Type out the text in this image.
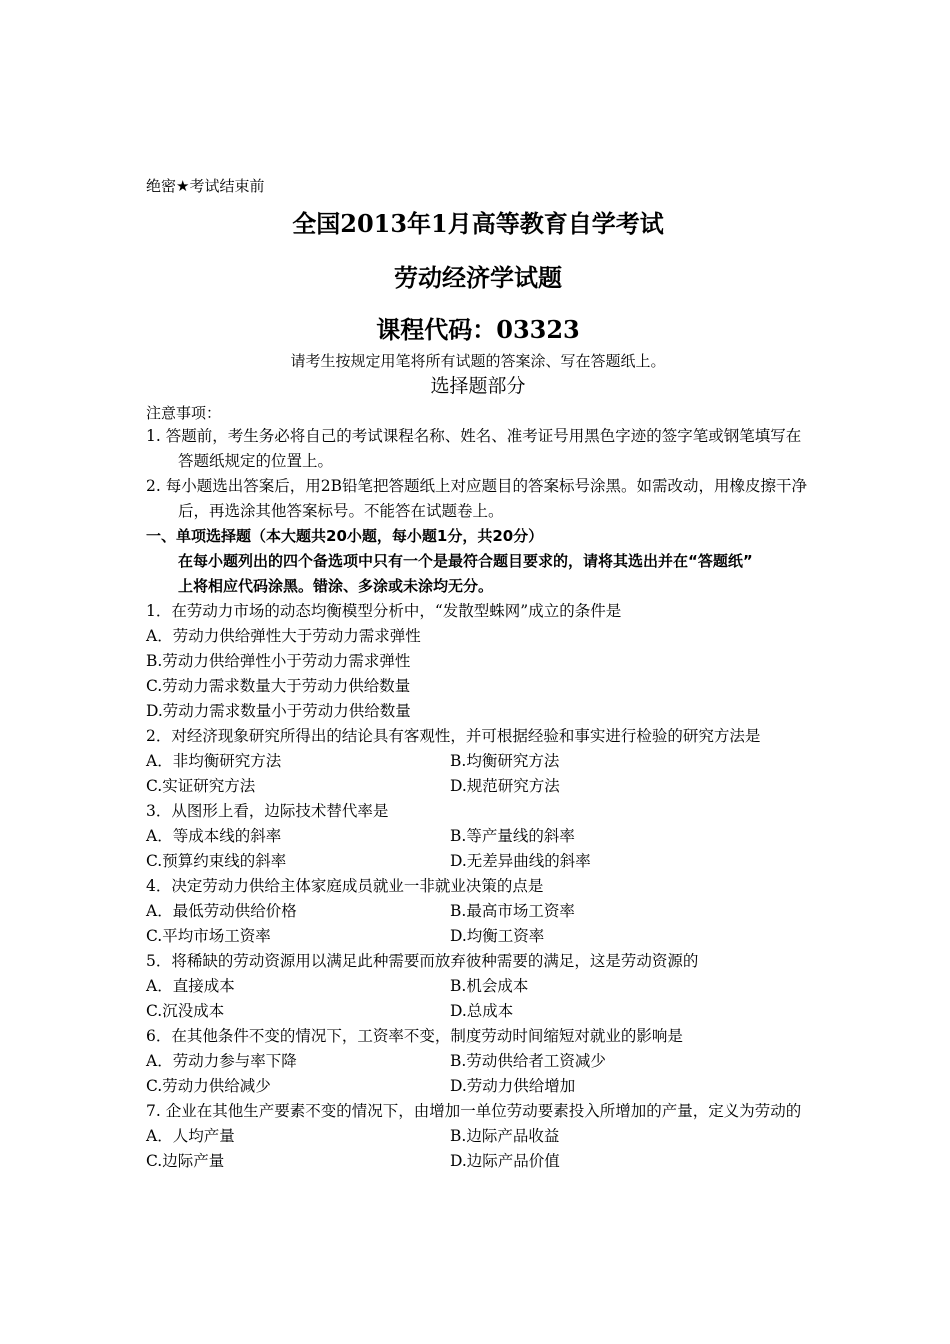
绝密★考试结束前
全国2013年1月高等教育自学考试
劳动经济学试题
课程代码：03323
请考生按规定用笔将所有试题的答案涂、写在答题纸上。
选择题部分
注意事项：
1. 答题前，考生务必将自己的考试课程名称、姓名、准考证号用黑色字迹的签字笔或钢笔填写在答题纸规定的位置上。
2. 每小题选出答案后，用2B铅笔把答题纸上对应题目的答案标号涂黑。如需改动，用橡皮擦干净后，再选涂其他答案标号。不能答在试题卷上。
一、单项选择题（本大题共20小题，每小题1分，共20分）
在每小题列出的四个备选项中只有一个是最符合题目要求的，请将其选出并在“答题纸”
上将相应代码涂黑。错涂、多涂或未涂均无分。
1．在劳动力市场的动态均衡模型分析中，“发散型蛛网”成立的条件是
A．劳动力供给弹性大于劳动力需求弹性
B.劳动力供给弹性小于劳动力需求弹性
C.劳动力需求数量大于劳动力供给数量
D.劳动力需求数量小于劳动力供给数量
2．对经济现象研究所得出的结论具有客观性，并可根据经验和事实进行检验的研究方法是
A．非均衡研究方法	B.均衡研究方法
C.实证研究方法	D.规范研究方法
3．从图形上看，边际技术替代率是
A．等成本线的斜率	B.等产量线的斜率
C.预算约束线的斜率	D.无差异曲线的斜率
4．决定劳动力供给主体家庭成员就业一非就业决策的点是
A．最低劳动供给价格	B.最高市场工资率
C.平均市场工资率	D.均衡工资率
5．将稀缺的劳动资源用以满足此种需要而放弃彼种需要的满足，这是劳动资源的
A．直接成本	B.机会成本
C.沉没成本	D.总成本
6．在其他条件不变的情况下，工资率不变，制度劳动时间缩短对就业的影响是
A．劳动力参与率下降	B.劳动供给者工资减少
C.劳动力供给减少	D.劳动力供给增加
7. 企业在其他生产要素不变的情况下，由增加一单位劳动要素投入所增加的产量，定义为劳动的
A．人均产量	B.边际产品收益
C.边际产量	D.边际产品价值
